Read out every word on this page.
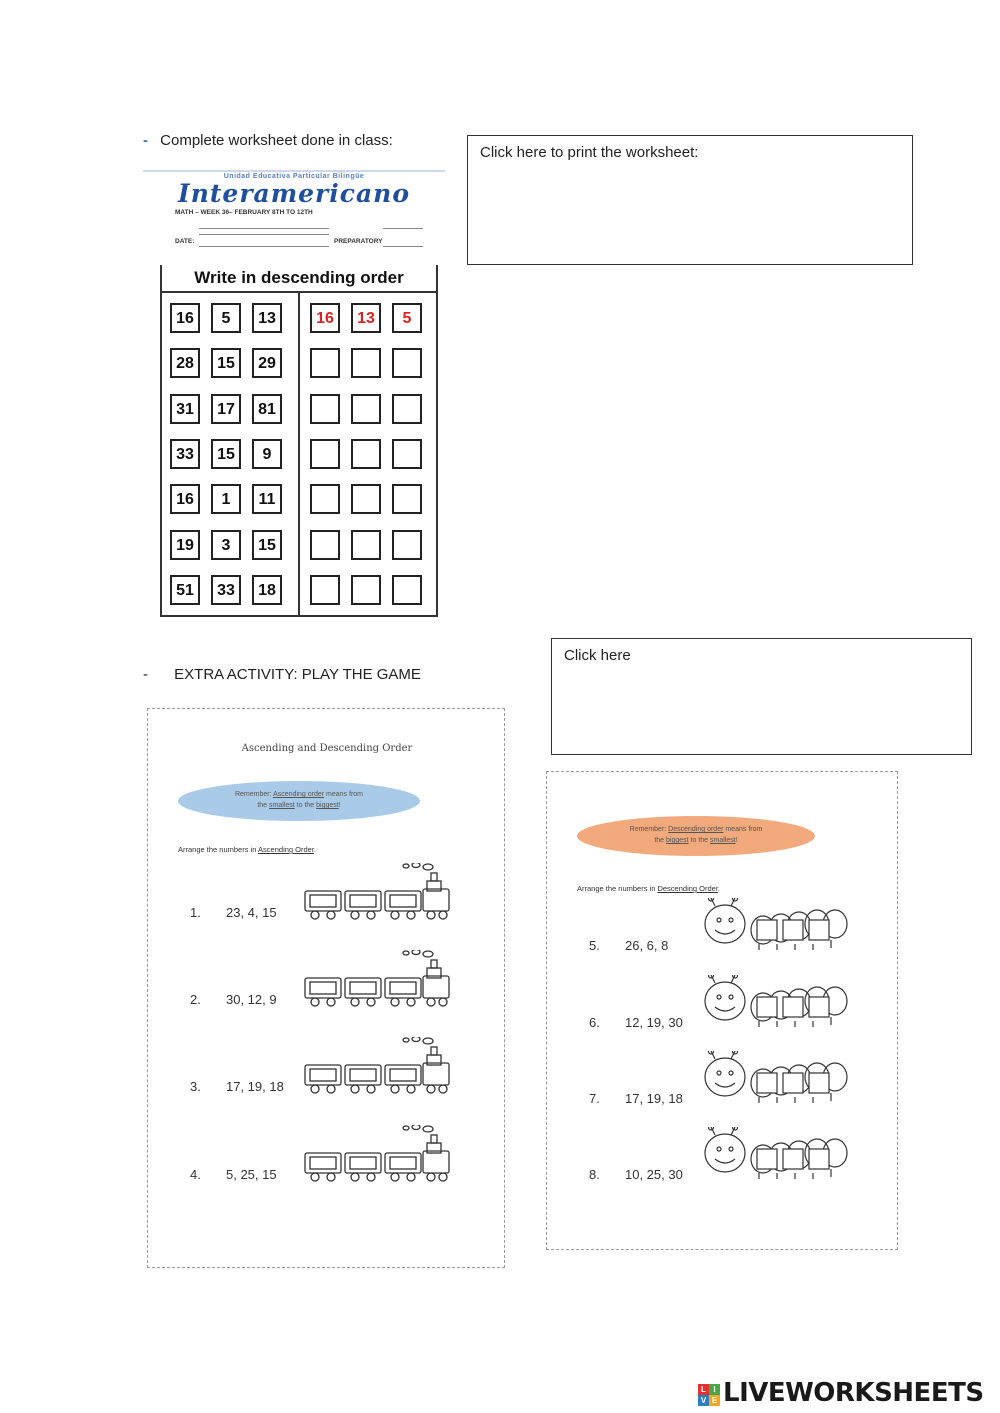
- Complete worksheet done in class:
Click here to print the worksheet:
Unidad Educativa Particular Bilingüe
Interamericano
MATH – WEEK 36– FEBRUARY 8TH TO 12TH
DATE:	PREPARATORY
Write in descending order
16	5	13	16	13	5
28	15	29
31	17	81
33	15	9
16	1	11
19	3	15
51	33	18
- EXTRA ACTIVITY: PLAY THE GAME
Click here
Ascending and Descending Order
Remember: Ascending order means from
the smallest to the biggest!
Arrange the numbers in Ascending Order.
1. 23, 4, 15
2. 30, 12, 9
3. 17, 19, 18
4. 5, 25, 15
Remember: Descending order means from
the biggest to the smallest!
Arrange the numbers in Descending Order.
5. 26, 6, 8
6. 12, 19, 30
7. 17, 19, 18
8. 10, 25, 30
L I
V E LIVEWORKSHEETS
